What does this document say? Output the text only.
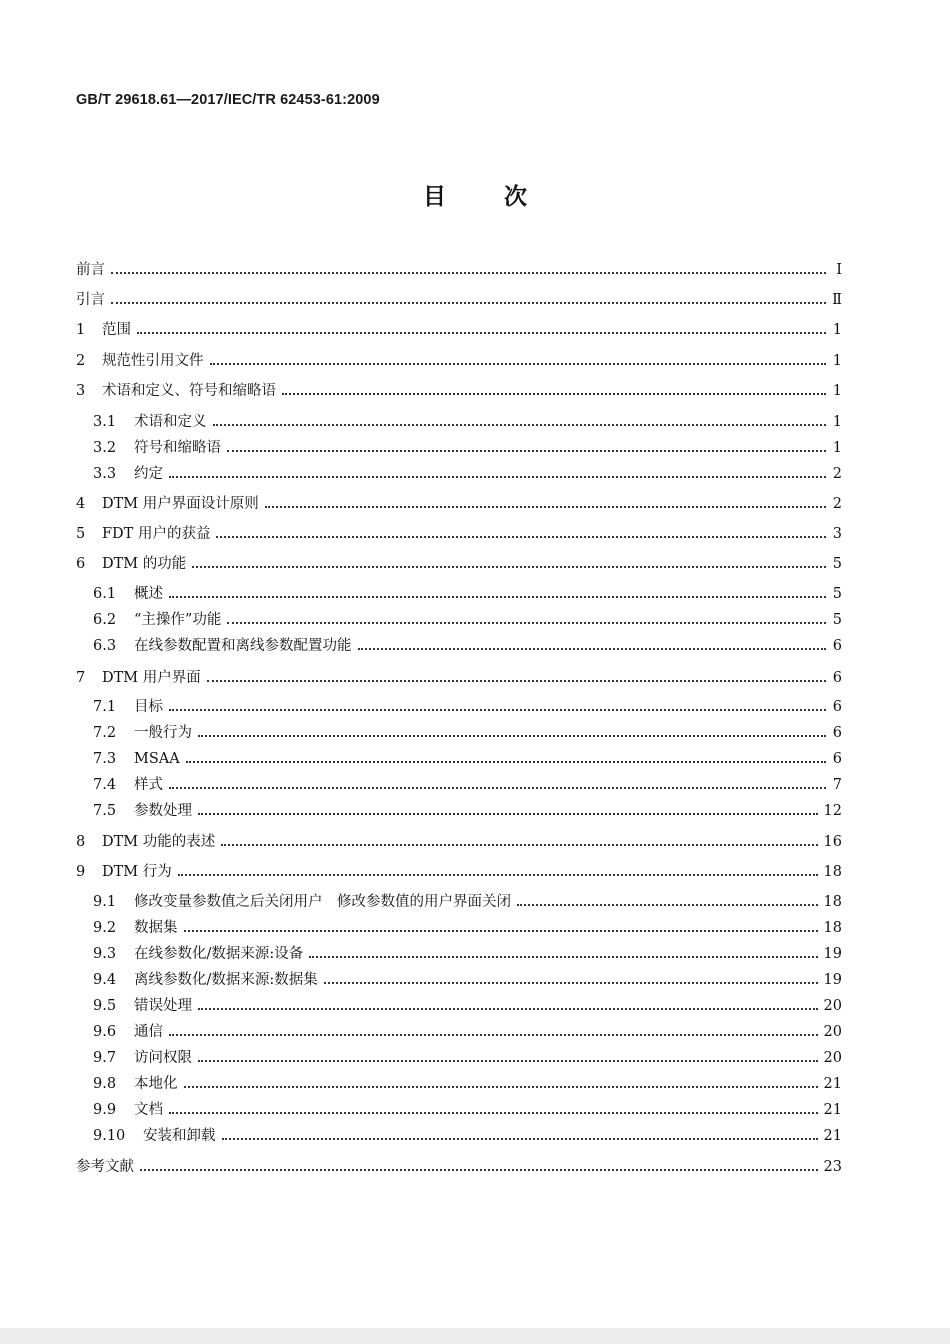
GB/T 29618.61—2017/IEC/TR 62453-61:2009
目	次
前言	Ⅰ
引言	Ⅱ
1	范围	1
2	规范性引用文件	1
3	术语和定义、符号和缩略语	1
3.1	术语和定义	1
3.2	符号和缩略语	1
3.3	约定	2
4	DTM 用户界面设计原则	2
5	FDT 用户的获益	3
6	DTM 的功能	5
6.1	概述	5
6.2	“主操作”功能	5
6.3	在线参数配置和离线参数配置功能	6
7	DTM 用户界面	6
7.1	目标	6
7.2	一般行为	6
7.3	MSAA	6
7.4	样式	7
7.5	参数处理	12
8	DTM 功能的表述	16
9	DTM 行为	18
9.1	修改变量参数值之后关闭用户　修改参数值的用户界面关闭	18
9.2	数据集	18
9.3	在线参数化/数据来源:设备	19
9.4	离线参数化/数据来源:数据集	19
9.5	错误处理	20
9.6	通信	20
9.7	访问权限	20
9.8	本地化	21
9.9	文档	21
9.10	安装和卸载	21
参考文献	23
